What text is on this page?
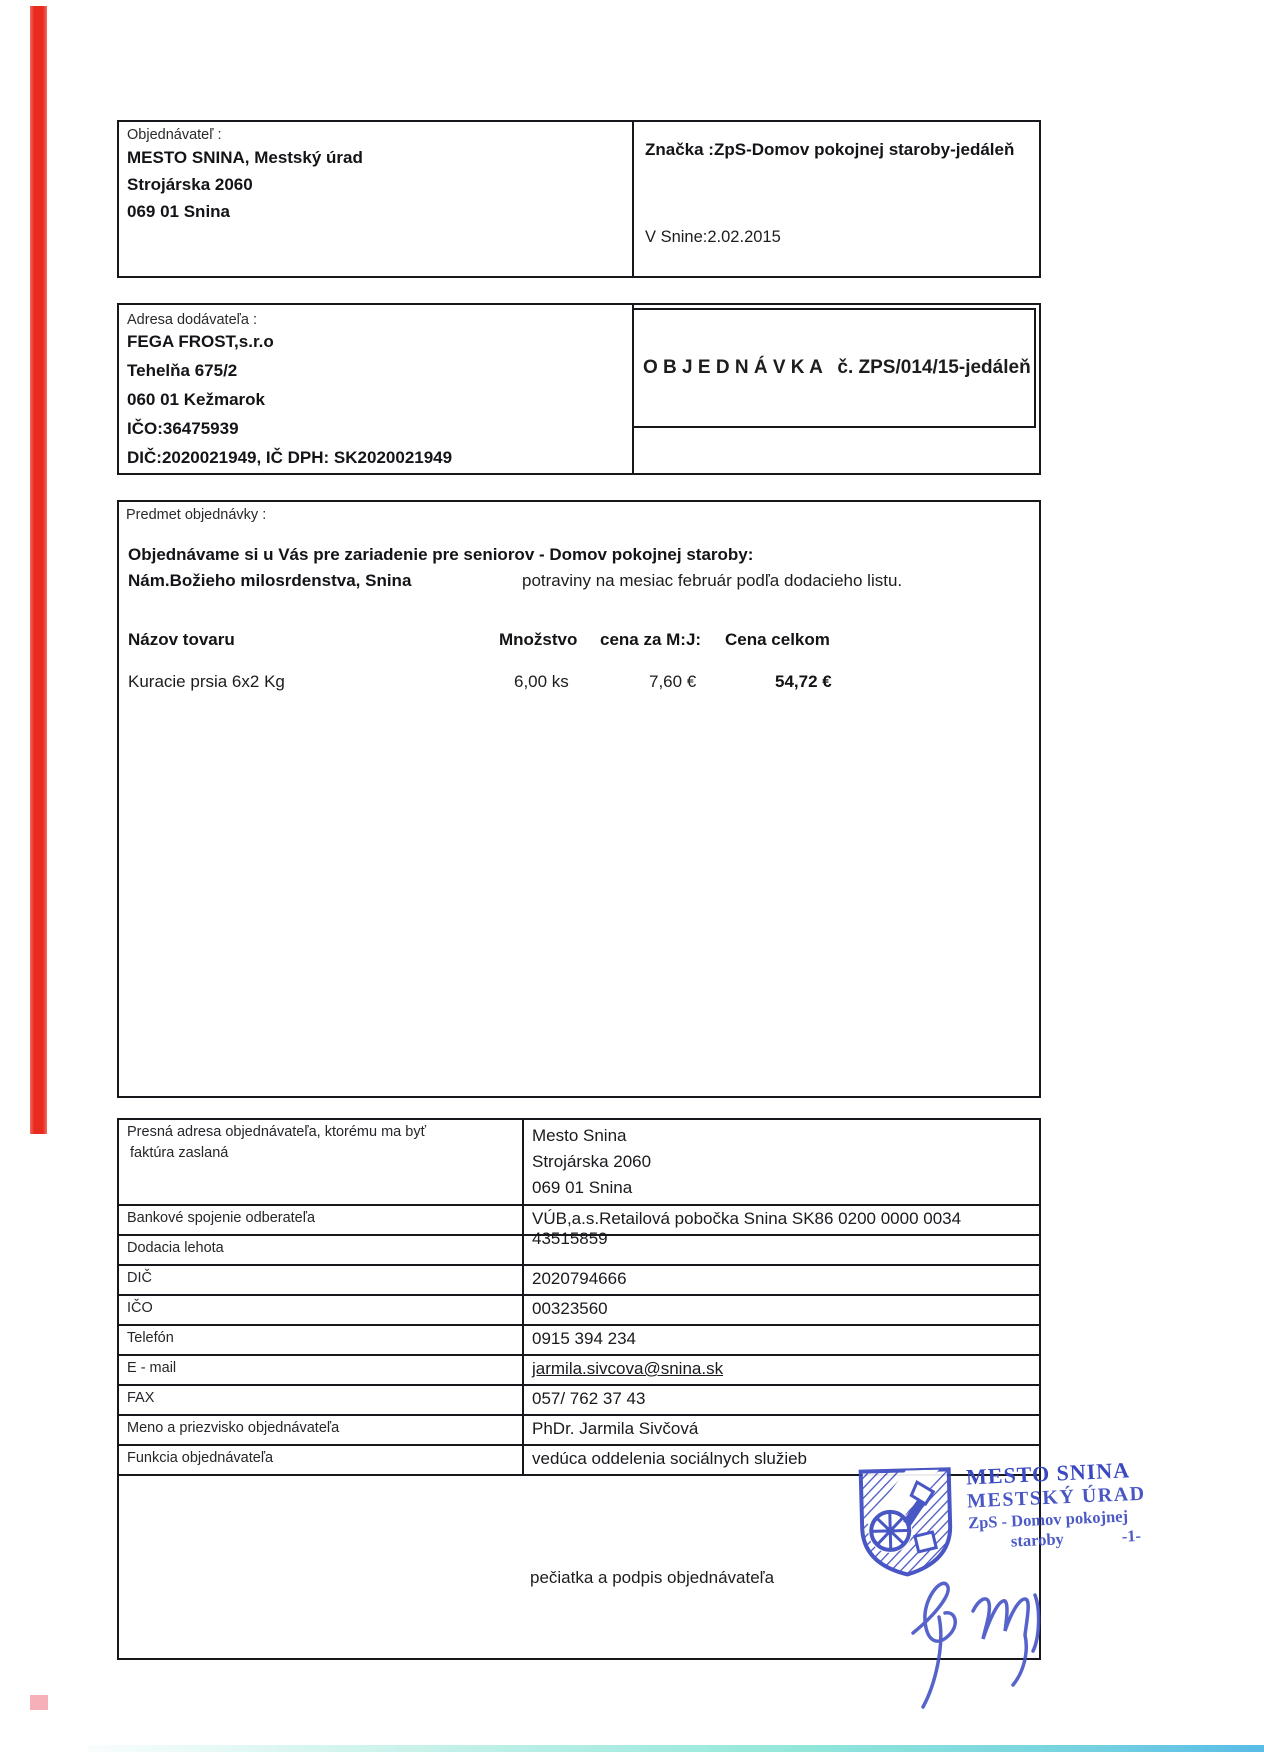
Objednávateľ :
MESTO SNINA, Mestský úrad
Strojárska 2060
069 01 Snina
Značka :ZpS-Domov pokojnej staroby-jedáleň
V Snine:2.02.2015
Adresa dodávateľa :
FEGA FROST,s.r.o
Tehelňa 675/2
060 01 Kežmarok
IČO:36475939
DIČ:2020021949, IČ DPH: SK2020021949
O B J E D N Á V K A č. ZPS/014/15-jedáleň
Predmet objednávky :
Objednávame si u Vás pre zariadenie pre seniorov - Domov pokojnej staroby:
Nám.Božieho milosrdenstva, Snina	potraviny na mesiac február podľa dodacieho listu.
Názov tovaru	Množstvo cena za M:J: Cena celkom
Kuracie prsia 6x2 Kg	6,00 ks	7,60 €	54,72 €
Presná adresa objednávateľa, ktorému ma byť
faktúra zaslaná
Mesto Snina
Strojárska 2060
069 01 Snina
Bankové spojenie odberateľa	VÚB,a.s.Retailová pobočka Snina SK86 0200 0000 0034 43515859
Dodacia lehota
DIČ	2020794666
IČO	00323560
Telefón	0915 394 234
E - mail	jarmila.sivcova@snina.sk
FAX	057/ 762 37 43
Meno a priezvisko objednávateľa	PhDr. Jarmila Sivčová
Funkcia objednávateľa	vedúca oddelenia sociálnych služieb
pečiatka a podpis objednávateľa
MESTO SNINA
MESTSKÝ ÚRAD
ZpS - Domov pokojnej
staroby	-1-
